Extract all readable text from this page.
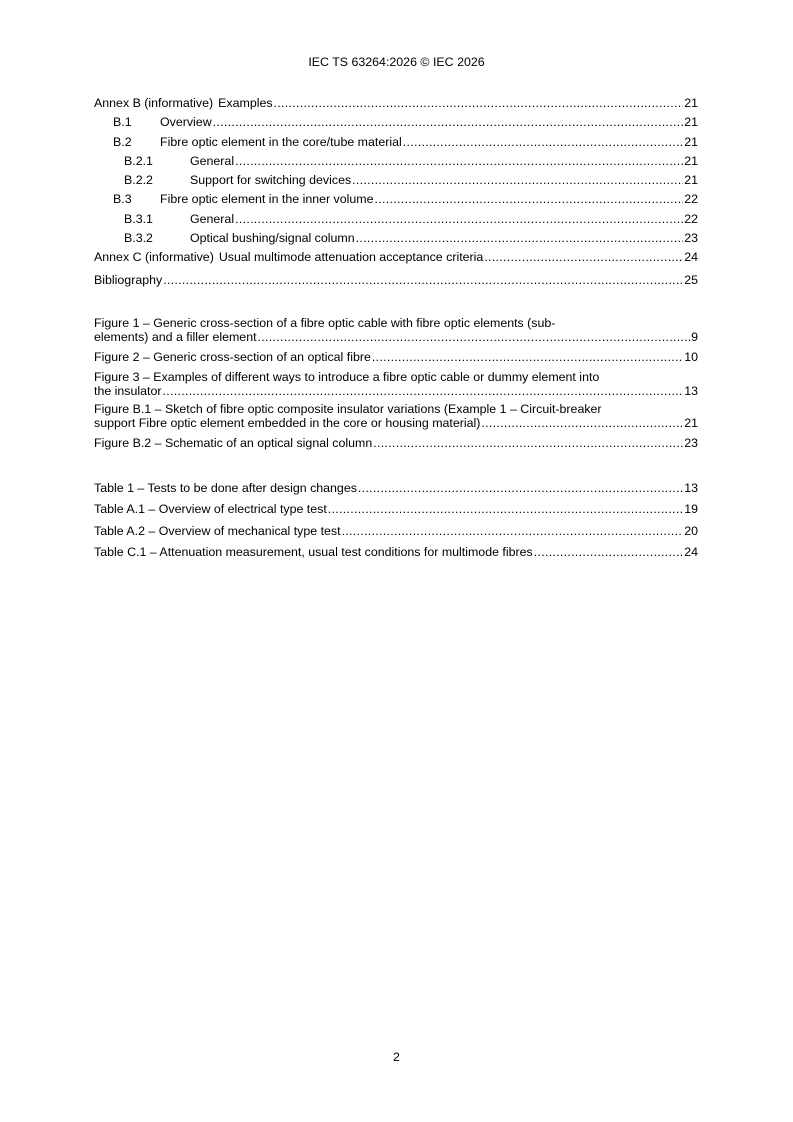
IEC TS 63264:2026 © IEC 2026
Annex B (informative) Examples .....	21
B.1	Overview .....	21
B.2	Fibre optic element in the core/tube material .....	21
B.2.1	General .....	21
B.2.2	Support for switching devices .....	21
B.3	Fibre optic element in the inner volume .....	22
B.3.1	General .....	22
B.3.2	Optical bushing/signal column .....	23
Annex C (informative) Usual multimode attenuation acceptance criteria .....	24
Bibliography .....	25
Figure 1 – Generic cross-section of a fibre optic cable with fibre optic elements (sub-
elements) and a filler element .....	9
Figure 2 – Generic cross-section of an optical fibre .....	10
Figure 3 – Examples of different ways to introduce a fibre optic cable or dummy element into
the insulator .....	13
Figure B.1 – Sketch of fibre optic composite insulator variations (Example 1 – Circuit-breaker
support Fibre optic element embedded in the core or housing material) .....	21
Figure B.2 – Schematic of an optical signal column .....	23
Table 1 – Tests to be done after design changes .....	13
Table A.1 – Overview of electrical type test .....	19
Table A.2 – Overview of mechanical type test .....	20
Table C.1 – Attenuation measurement, usual test conditions for multimode fibres .....	24
2
